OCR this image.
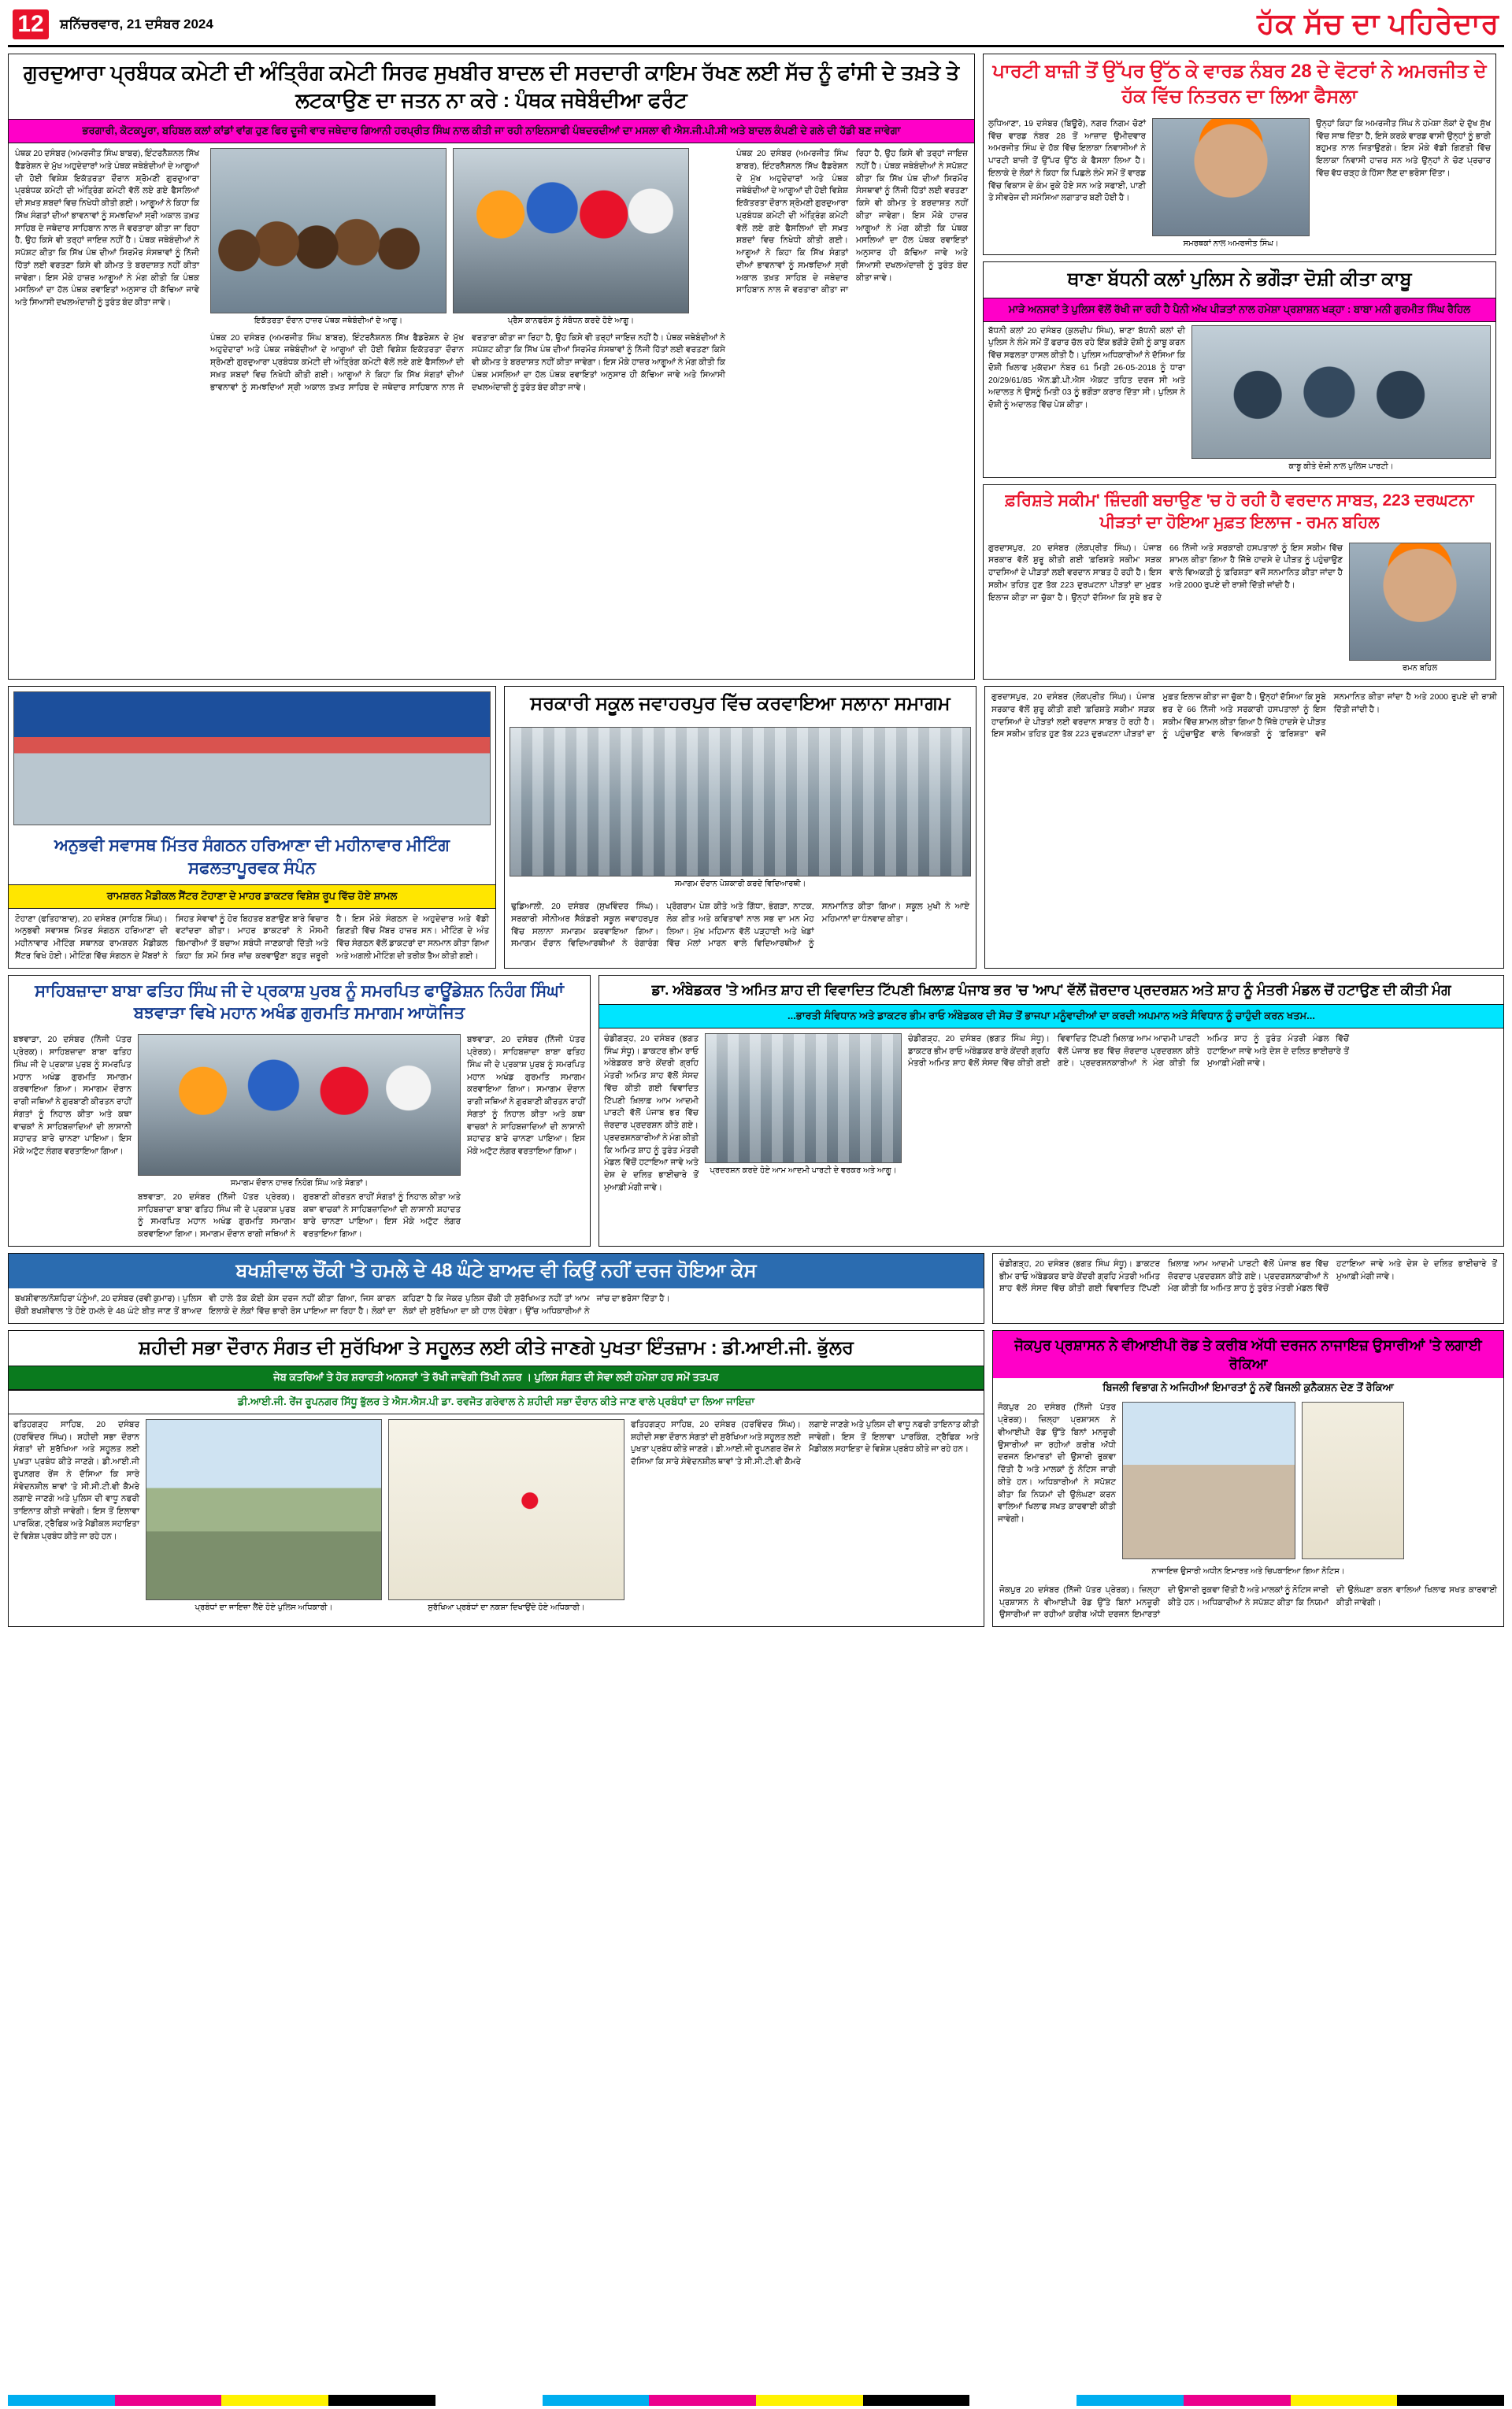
12	ਸ਼ਨਿੱਚਰਵਾਰ, 21 ਦਸੰਬਰ 2024	ਹੱਕ ਸੱਚ ਦਾ ਪਹਿਰੇਦਾਰ
ਗੁਰਦੁਆਰਾ ਪ੍ਰਬੰਧਕ ਕਮੇਟੀ ਦੀ ਅੰਤ੍ਰਿੰਗ ਕਮੇਟੀ ਸਿਰਫ ਸੁਖਬੀਰ ਬਾਦਲ ਦੀ ਸਰਦਾਰੀ ਕਾਇਮ ਰੱਖਣ ਲਈ ਸੱਚ ਨੂੰ ਫਾਂਸੀ ਦੇ ਤਖ਼ਤੇ ਤੇ ਲਟਕਾਉਣ ਦਾ ਜਤਨ ਨਾ ਕਰੇ : ਪੰਥਕ ਜਥੇਬੰਦੀਆ ਫਰੰਟ
ਭਰਗਾਰੀ, ਕੋਟਕਪੂਰਾ, ਬਹਿਬਲ ਕਲਾਂ ਕਾਂਡਾਂ ਵਾਂਗ ਹੁਣ ਫਿਰ ਦੂਜੀ ਵਾਰ ਜਥੇਦਾਰ ਗਿਆਨੀ ਹਰਪ੍ਰੀਤ ਸਿੰਘ ਨਾਲ ਕੀਤੀ ਜਾ ਰਹੀ ਨਾਇਨਸਾਫੀ ਪੰਥਦਰਦੀਆਂ ਦਾ ਮਸਲਾ ਵੀ ਐਸ.ਜੀ.ਪੀ.ਸੀ ਅਤੇ ਬਾਦਲ ਕੰਪਣੀ ਦੇ ਗਲੇ ਦੀ ਹੱਡੀ ਬਣ ਜਾਵੇਗਾ
ਪੰਥਕ 20 ਦਸੰਬਰ (ਅਮਰਜੀਤ ਸਿੰਘ ਬਾਬਰ), ਇੰਟਰਨੈਸ਼ਨਲ ਸਿੱਖ ਫੈਡਰੇਸ਼ਨ ਦੇ ਮੁੱਖ ਅਹੁਦੇਦਾਰਾਂ ਅਤੇ ਪੰਥਕ ਜਥੇਬੰਦੀਆਂ ਦੇ ਆਗੂਆਂ ਦੀ ਹੋਈ ਵਿਸ਼ੇਸ਼ ਇਕੱਤਰਤਾ ਦੌਰਾਨ ਸ਼੍ਰੋਮਣੀ ਗੁਰਦੁਆਰਾ ਪ੍ਰਬੰਧਕ ਕਮੇਟੀ ਦੀ ਅੰਤ੍ਰਿੰਗ ਕਮੇਟੀ ਵੱਲੋਂ ਲਏ ਗਏ ਫੈਸਲਿਆਂ ਦੀ ਸਖ਼ਤ ਸ਼ਬਦਾਂ ਵਿਚ ਨਿਖੇਧੀ ਕੀਤੀ ਗਈ। ਆਗੂਆਂ ਨੇ ਕਿਹਾ ਕਿ ਸਿੱਖ ਸੰਗਤਾਂ ਦੀਆਂ ਭਾਵਨਾਵਾਂ ਨੂੰ ਸਮਝਦਿਆਂ ਸ੍ਰੀ ਅਕਾਲ ਤਖ਼ਤ ਸਾਹਿਬ ਦੇ ਜਥੇਦਾਰ ਸਾਹਿਬਾਨ ਨਾਲ ਜੋ ਵਰਤਾਰਾ ਕੀਤਾ ਜਾ ਰਿਹਾ ਹੈ, ਉਹ ਕਿਸੇ ਵੀ ਤਰ੍ਹਾਂ ਜਾਇਜ਼ ਨਹੀਂ ਹੈ। ਪੰਥਕ ਜਥੇਬੰਦੀਆਂ ਨੇ ਸਪੱਸ਼ਟ ਕੀਤਾ ਕਿ ਸਿੱਖ ਪੰਥ ਦੀਆਂ ਸਿਰਮੌਰ ਸੰਸਥਾਵਾਂ ਨੂੰ ਨਿੱਜੀ ਹਿੱਤਾਂ ਲਈ ਵਰਤਣਾ ਕਿਸੇ ਵੀ ਕੀਮਤ ਤੇ ਬਰਦਾਸ਼ਤ ਨਹੀਂ ਕੀਤਾ ਜਾਵੇਗਾ। ਇਸ ਮੌਕੇ ਹਾਜ਼ਰ ਆਗੂਆਂ ਨੇ ਮੰਗ ਕੀਤੀ ਕਿ ਪੰਥਕ ਮਸਲਿਆਂ ਦਾ ਹੱਲ ਪੰਥਕ ਰਵਾਇਤਾਂ ਅਨੁਸਾਰ ਹੀ ਕੱਢਿਆ ਜਾਵੇ ਅਤੇ ਸਿਆਸੀ ਦਖਲਅੰਦਾਜ਼ੀ ਨੂੰ ਤੁਰੰਤ ਬੰਦ ਕੀਤਾ ਜਾਵੇ।
ਇਕੱਤਰਤਾ ਦੌਰਾਨ ਹਾਜ਼ਰ ਪੰਥਕ ਜਥੇਬੰਦੀਆਂ ਦੇ ਆਗੂ।	ਪ੍ਰੈਸ ਕਾਨਫਰੰਸ ਨੂੰ ਸੰਬੋਧਨ ਕਰਦੇ ਹੋਏ ਆਗੂ।
ਪੰਥਕ 20 ਦਸੰਬਰ (ਅਮਰਜੀਤ ਸਿੰਘ ਬਾਬਰ), ਇੰਟਰਨੈਸ਼ਨਲ ਸਿੱਖ ਫੈਡਰੇਸ਼ਨ ਦੇ ਮੁੱਖ ਅਹੁਦੇਦਾਰਾਂ ਅਤੇ ਪੰਥਕ ਜਥੇਬੰਦੀਆਂ ਦੇ ਆਗੂਆਂ ਦੀ ਹੋਈ ਵਿਸ਼ੇਸ਼ ਇਕੱਤਰਤਾ ਦੌਰਾਨ ਸ਼੍ਰੋਮਣੀ ਗੁਰਦੁਆਰਾ ਪ੍ਰਬੰਧਕ ਕਮੇਟੀ ਦੀ ਅੰਤ੍ਰਿੰਗ ਕਮੇਟੀ ਵੱਲੋਂ ਲਏ ਗਏ ਫੈਸਲਿਆਂ ਦੀ ਸਖ਼ਤ ਸ਼ਬਦਾਂ ਵਿਚ ਨਿਖੇਧੀ ਕੀਤੀ ਗਈ। ਆਗੂਆਂ ਨੇ ਕਿਹਾ ਕਿ ਸਿੱਖ ਸੰਗਤਾਂ ਦੀਆਂ ਭਾਵਨਾਵਾਂ ਨੂੰ ਸਮਝਦਿਆਂ ਸ੍ਰੀ ਅਕਾਲ ਤਖ਼ਤ ਸਾਹਿਬ ਦੇ ਜਥੇਦਾਰ ਸਾਹਿਬਾਨ ਨਾਲ ਜੋ ਵਰਤਾਰਾ ਕੀਤਾ ਜਾ ਰਿਹਾ ਹੈ, ਉਹ ਕਿਸੇ ਵੀ ਤਰ੍ਹਾਂ ਜਾਇਜ਼ ਨਹੀਂ ਹੈ। ਪੰਥਕ ਜਥੇਬੰਦੀਆਂ ਨੇ ਸਪੱਸ਼ਟ ਕੀਤਾ ਕਿ ਸਿੱਖ ਪੰਥ ਦੀਆਂ ਸਿਰਮੌਰ ਸੰਸਥਾਵਾਂ ਨੂੰ ਨਿੱਜੀ ਹਿੱਤਾਂ ਲਈ ਵਰਤਣਾ ਕਿਸੇ ਵੀ ਕੀਮਤ ਤੇ ਬਰਦਾਸ਼ਤ ਨਹੀਂ ਕੀਤਾ ਜਾਵੇਗਾ। ਇਸ ਮੌਕੇ ਹਾਜ਼ਰ ਆਗੂਆਂ ਨੇ ਮੰਗ ਕੀਤੀ ਕਿ ਪੰਥਕ ਮਸਲਿਆਂ ਦਾ ਹੱਲ ਪੰਥਕ ਰਵਾਇਤਾਂ ਅਨੁਸਾਰ ਹੀ ਕੱਢਿਆ ਜਾਵੇ ਅਤੇ ਸਿਆਸੀ ਦਖਲਅੰਦਾਜ਼ੀ ਨੂੰ ਤੁਰੰਤ ਬੰਦ ਕੀਤਾ ਜਾਵੇ।
ਪੰਥਕ 20 ਦਸੰਬਰ (ਅਮਰਜੀਤ ਸਿੰਘ ਬਾਬਰ), ਇੰਟਰਨੈਸ਼ਨਲ ਸਿੱਖ ਫੈਡਰੇਸ਼ਨ ਦੇ ਮੁੱਖ ਅਹੁਦੇਦਾਰਾਂ ਅਤੇ ਪੰਥਕ ਜਥੇਬੰਦੀਆਂ ਦੇ ਆਗੂਆਂ ਦੀ ਹੋਈ ਵਿਸ਼ੇਸ਼ ਇਕੱਤਰਤਾ ਦੌਰਾਨ ਸ਼੍ਰੋਮਣੀ ਗੁਰਦੁਆਰਾ ਪ੍ਰਬੰਧਕ ਕਮੇਟੀ ਦੀ ਅੰਤ੍ਰਿੰਗ ਕਮੇਟੀ ਵੱਲੋਂ ਲਏ ਗਏ ਫੈਸਲਿਆਂ ਦੀ ਸਖ਼ਤ ਸ਼ਬਦਾਂ ਵਿਚ ਨਿਖੇਧੀ ਕੀਤੀ ਗਈ। ਆਗੂਆਂ ਨੇ ਕਿਹਾ ਕਿ ਸਿੱਖ ਸੰਗਤਾਂ ਦੀਆਂ ਭਾਵਨਾਵਾਂ ਨੂੰ ਸਮਝਦਿਆਂ ਸ੍ਰੀ ਅਕਾਲ ਤਖ਼ਤ ਸਾਹਿਬ ਦੇ ਜਥੇਦਾਰ ਸਾਹਿਬਾਨ ਨਾਲ ਜੋ ਵਰਤਾਰਾ ਕੀਤਾ ਜਾ ਰਿਹਾ ਹੈ, ਉਹ ਕਿਸੇ ਵੀ ਤਰ੍ਹਾਂ ਜਾਇਜ਼ ਨਹੀਂ ਹੈ। ਪੰਥਕ ਜਥੇਬੰਦੀਆਂ ਨੇ ਸਪੱਸ਼ਟ ਕੀਤਾ ਕਿ ਸਿੱਖ ਪੰਥ ਦੀਆਂ ਸਿਰਮੌਰ ਸੰਸਥਾਵਾਂ ਨੂੰ ਨਿੱਜੀ ਹਿੱਤਾਂ ਲਈ ਵਰਤਣਾ ਕਿਸੇ ਵੀ ਕੀਮਤ ਤੇ ਬਰਦਾਸ਼ਤ ਨਹੀਂ ਕੀਤਾ ਜਾਵੇਗਾ। ਇਸ ਮੌਕੇ ਹਾਜ਼ਰ ਆਗੂਆਂ ਨੇ ਮੰਗ ਕੀਤੀ ਕਿ ਪੰਥਕ ਮਸਲਿਆਂ ਦਾ ਹੱਲ ਪੰਥਕ ਰਵਾਇਤਾਂ ਅਨੁਸਾਰ ਹੀ ਕੱਢਿਆ ਜਾਵੇ ਅਤੇ ਸਿਆਸੀ ਦਖਲਅੰਦਾਜ਼ੀ ਨੂੰ ਤੁਰੰਤ ਬੰਦ ਕੀਤਾ ਜਾਵੇ।
ਪਾਰਟੀ ਬਾਜ਼ੀ ਤੋਂ ਉੱਪਰ ਉੱਠ ਕੇ ਵਾਰਡ ਨੰਬਰ 28 ਦੇ ਵੋਟਰਾਂ ਨੇ ਅਮਰਜੀਤ ਦੇ ਹੱਕ ਵਿੱਚ ਨਿਤਰਨ ਦਾ ਲਿਆ ਫੈਸਲਾ
ਲੁਧਿਆਣਾ, 19 ਦਸੰਬਰ (ਬਿਊਰੋ), ਨਗਰ ਨਿਗਮ ਚੋਣਾਂ ਵਿੱਚ ਵਾਰਡ ਨੰਬਰ 28 ਤੋਂ ਆਜ਼ਾਦ ਉਮੀਦਵਾਰ ਅਮਰਜੀਤ ਸਿੰਘ ਦੇ ਹੱਕ ਵਿੱਚ ਇਲਾਕਾ ਨਿਵਾਸੀਆਂ ਨੇ ਪਾਰਟੀ ਬਾਜ਼ੀ ਤੋਂ ਉੱਪਰ ਉੱਠ ਕੇ ਫੈਸਲਾ ਲਿਆ ਹੈ। ਇਲਾਕੇ ਦੇ ਲੋਕਾਂ ਨੇ ਕਿਹਾ ਕਿ ਪਿਛਲੇ ਲੰਮੇ ਸਮੇਂ ਤੋਂ ਵਾਰਡ ਵਿੱਚ ਵਿਕਾਸ ਦੇ ਕੰਮ ਰੁਕੇ ਹੋਏ ਸਨ ਅਤੇ ਸਫਾਈ, ਪਾਣੀ ਤੇ ਸੀਵਰੇਜ ਦੀ ਸਮੱਸਿਆ ਲਗਾਤਾਰ ਬਣੀ ਹੋਈ ਹੈ।
ਸਮਰਥਕਾਂ ਨਾਲ ਅਮਰਜੀਤ ਸਿੰਘ।
ਉਨ੍ਹਾਂ ਕਿਹਾ ਕਿ ਅਮਰਜੀਤ ਸਿੰਘ ਨੇ ਹਮੇਸ਼ਾ ਲੋਕਾਂ ਦੇ ਦੁੱਖ ਸੁੱਖ ਵਿੱਚ ਸਾਥ ਦਿੱਤਾ ਹੈ, ਇਸੇ ਕਰਕੇ ਵਾਰਡ ਵਾਸੀ ਉਨ੍ਹਾਂ ਨੂੰ ਭਾਰੀ ਬਹੁਮਤ ਨਾਲ ਜਿਤਾਉਣਗੇ। ਇਸ ਮੌਕੇ ਵੱਡੀ ਗਿਣਤੀ ਵਿੱਚ ਇਲਾਕਾ ਨਿਵਾਸੀ ਹਾਜ਼ਰ ਸਨ ਅਤੇ ਉਨ੍ਹਾਂ ਨੇ ਚੋਣ ਪ੍ਰਚਾਰ ਵਿੱਚ ਵੱਧ ਚੜ੍ਹ ਕੇ ਹਿੱਸਾ ਲੈਣ ਦਾ ਭਰੋਸਾ ਦਿੱਤਾ।
ਥਾਣਾ ਬੱਧਨੀ ਕਲਾਂ ਪੁਲਿਸ ਨੇ ਭਗੌੜਾ ਦੋਸ਼ੀ ਕੀਤਾ ਕਾਬੂ
ਮਾੜੇ ਅਨਸਰਾਂ ਤੇ ਪੁਲਿਸ ਵੱਲੋਂ ਰੱਖੀ ਜਾ ਰਹੀ ਹੈ ਪੈਨੀ ਅੱਖ ਪੀੜਤਾਂ ਨਾਲ ਹਮੇਸ਼ਾ ਪ੍ਰਸ਼ਾਸ਼ਨ ਖੜ੍ਹਾ : ਬਾਬਾ ਮਨੀ ਗੁਰਮੀਤ ਸਿੰਘ ਰੈਹਿਲ
ਬੱਧਨੀ ਕਲਾਂ 20 ਦਸੰਬਰ (ਕੁਲਦੀਪ ਸਿੰਘ), ਥਾਣਾ ਬੱਧਨੀ ਕਲਾਂ ਦੀ ਪੁਲਿਸ ਨੇ ਲੰਮੇ ਸਮੇਂ ਤੋਂ ਫਰਾਰ ਚੱਲ ਰਹੇ ਇੱਕ ਭਗੌੜੇ ਦੋਸ਼ੀ ਨੂੰ ਕਾਬੂ ਕਰਨ ਵਿੱਚ ਸਫਲਤਾ ਹਾਸਲ ਕੀਤੀ ਹੈ। ਪੁਲਿਸ ਅਧਿਕਾਰੀਆਂ ਨੇ ਦੱਸਿਆ ਕਿ ਦੋਸ਼ੀ ਖਿਲਾਫ ਮੁਕੱਦਮਾ ਨੰਬਰ 61 ਮਿਤੀ 26-05-2018 ਨੂੰ ਧਾਰਾ 20/29/61/85 ਐਨ.ਡੀ.ਪੀ.ਐਸ ਐਕਟ ਤਹਿਤ ਦਰਜ ਸੀ ਅਤੇ ਅਦਾਲਤ ਨੇ ਉਸਨੂੰ ਮਿਤੀ 03 ਨੂੰ ਭਗੌੜਾ ਕਰਾਰ ਦਿੱਤਾ ਸੀ। ਪੁਲਿਸ ਨੇ ਦੋਸ਼ੀ ਨੂੰ ਅਦਾਲਤ ਵਿੱਚ ਪੇਸ਼ ਕੀਤਾ।
ਕਾਬੂ ਕੀਤੇ ਦੋਸ਼ੀ ਨਾਲ ਪੁਲਿਸ ਪਾਰਟੀ।
ਫ਼ਰਿਸ਼ਤੇ ਸਕੀਮ' ਜ਼ਿੰਦਗੀ ਬਚਾਉਣ 'ਚ ਹੋ ਰਹੀ ਹੈ ਵਰਦਾਨ ਸਾਬਤ, 223 ਦਰਘਟਨਾ ਪੀੜਤਾਂ ਦਾ ਹੋਇਆ ਮੁਫ਼ਤ ਇਲਾਜ - ਰਮਨ ਬਹਿਲ
ਗੁਰਦਾਸਪੁਰ, 20 ਦਸੰਬਰ (ਲੋਕਪ੍ਰੀਤ ਸਿੰਘ)। ਪੰਜਾਬ ਸਰਕਾਰ ਵੱਲੋਂ ਸ਼ੁਰੂ ਕੀਤੀ ਗਈ 'ਫ਼ਰਿਸ਼ਤੇ ਸਕੀਮ' ਸੜਕ ਹਾਦਸਿਆਂ ਦੇ ਪੀੜਤਾਂ ਲਈ ਵਰਦਾਨ ਸਾਬਤ ਹੋ ਰਹੀ ਹੈ। ਇਸ ਸਕੀਮ ਤਹਿਤ ਹੁਣ ਤੱਕ 223 ਦੁਰਘਟਨਾ ਪੀੜਤਾਂ ਦਾ ਮੁਫ਼ਤ ਇਲਾਜ ਕੀਤਾ ਜਾ ਚੁੱਕਾ ਹੈ। ਉਨ੍ਹਾਂ ਦੱਸਿਆ ਕਿ ਸੂਬੇ ਭਰ ਦੇ 66 ਨਿੱਜੀ ਅਤੇ ਸਰਕਾਰੀ ਹਸਪਤਾਲਾਂ ਨੂੰ ਇਸ ਸਕੀਮ ਵਿੱਚ ਸ਼ਾਮਲ ਕੀਤਾ ਗਿਆ ਹੈ ਜਿੱਥੇ ਹਾਦਸੇ ਦੇ ਪੀੜਤ ਨੂੰ ਪਹੁੰਚਾਉਣ ਵਾਲੇ ਵਿਅਕਤੀ ਨੂੰ 'ਫ਼ਰਿਸ਼ਤਾ' ਵਜੋਂ ਸਨਮਾਨਿਤ ਕੀਤਾ ਜਾਂਦਾ ਹੈ ਅਤੇ 2000 ਰੁਪਏ ਦੀ ਰਾਸ਼ੀ ਦਿੱਤੀ ਜਾਂਦੀ ਹੈ।
ਰਮਨ ਬਹਿਲ
ਅਨੁਭਵੀ ਸਵਾਸਥ ਮਿੱਤਰ ਸੰਗਠਨ ਹਰਿਆਣਾ ਦੀ ਮਹੀਨਾਵਾਰ ਮੀਟਿੰਗ ਸਫਲਤਾਪੂਰਵਕ ਸੰਪੰਨ
ਰਾਮਸ਼ਰਨ ਮੈਡੀਕਲ ਸੈਂਟਰ ਟੋਹਾਣਾ ਦੇ ਮਾਹਰ ਡਾਕਟਰ ਵਿਸ਼ੇਸ਼ ਰੂਪ ਵਿੱਚ ਹੋਏ ਸ਼ਾਮਲ
ਟੋਹਾਣਾ (ਫਤਿਹਾਬਾਦ), 20 ਦਸੰਬਰ (ਸਾਹਿਬ ਸਿੰਘ)। ਅਨੁਭਵੀ ਸਵਾਸਥ ਮਿੱਤਰ ਸੰਗਠਨ ਹਰਿਆਣਾ ਦੀ ਮਹੀਨਾਵਾਰ ਮੀਟਿੰਗ ਸਥਾਨਕ ਰਾਮਸ਼ਰਨ ਮੈਡੀਕਲ ਸੈਂਟਰ ਵਿਖੇ ਹੋਈ। ਮੀਟਿੰਗ ਵਿੱਚ ਸੰਗਠਨ ਦੇ ਮੈਂਬਰਾਂ ਨੇ ਸਿਹਤ ਸੇਵਾਵਾਂ ਨੂੰ ਹੋਰ ਬਿਹਤਰ ਬਣਾਉਣ ਬਾਰੇ ਵਿਚਾਰ ਵਟਾਂਦਰਾ ਕੀਤਾ। ਮਾਹਰ ਡਾਕਟਰਾਂ ਨੇ ਮੌਸਮੀ ਬਿਮਾਰੀਆਂ ਤੋਂ ਬਚਾਅ ਸਬੰਧੀ ਜਾਣਕਾਰੀ ਦਿੱਤੀ ਅਤੇ ਕਿਹਾ ਕਿ ਸਮੇਂ ਸਿਰ ਜਾਂਚ ਕਰਵਾਉਣਾ ਬਹੁਤ ਜ਼ਰੂਰੀ ਹੈ। ਇਸ ਮੌਕੇ ਸੰਗਠਨ ਦੇ ਅਹੁਦੇਦਾਰ ਅਤੇ ਵੱਡੀ ਗਿਣਤੀ ਵਿੱਚ ਮੈਂਬਰ ਹਾਜ਼ਰ ਸਨ। ਮੀਟਿੰਗ ਦੇ ਅੰਤ ਵਿੱਚ ਸੰਗਠਨ ਵੱਲੋਂ ਡਾਕਟਰਾਂ ਦਾ ਸਨਮਾਨ ਕੀਤਾ ਗਿਆ ਅਤੇ ਅਗਲੀ ਮੀਟਿੰਗ ਦੀ ਤਰੀਕ ਤੈਅ ਕੀਤੀ ਗਈ।
ਸਰਕਾਰੀ ਸਕੂਲ ਜਵਾਹਰਪੁਰ ਵਿੱਚ ਕਰਵਾਇਆ ਸਲਾਨਾ ਸਮਾਗਮ
ਸਮਾਗਮ ਦੌਰਾਨ ਪੇਸ਼ਕਾਰੀ ਕਰਦੇ ਵਿਦਿਆਰਥੀ।
ਢੁਡਿਆਲੀ, 20 ਦਸੰਬਰ (ਸੁਖਵਿੰਦਰ ਸਿੰਘ)। ਸਰਕਾਰੀ ਸੀਨੀਅਰ ਸੈਕੰਡਰੀ ਸਕੂਲ ਜਵਾਹਰਪੁਰ ਵਿੱਚ ਸਲਾਨਾ ਸਮਾਗਮ ਕਰਵਾਇਆ ਗਿਆ। ਸਮਾਗਮ ਦੌਰਾਨ ਵਿਦਿਆਰਥੀਆਂ ਨੇ ਰੰਗਾਰੰਗ ਪ੍ਰੋਗਰਾਮ ਪੇਸ਼ ਕੀਤੇ ਅਤੇ ਗਿੱਧਾ, ਭੰਗੜਾ, ਨਾਟਕ, ਲੋਕ ਗੀਤ ਅਤੇ ਕਵਿਤਾਵਾਂ ਨਾਲ ਸਭ ਦਾ ਮਨ ਮੋਹ ਲਿਆ। ਮੁੱਖ ਮਹਿਮਾਨ ਵੱਲੋਂ ਪੜ੍ਹਾਈ ਅਤੇ ਖੇਡਾਂ ਵਿੱਚ ਮੱਲਾਂ ਮਾਰਨ ਵਾਲੇ ਵਿਦਿਆਰਥੀਆਂ ਨੂੰ ਸਨਮਾਨਿਤ ਕੀਤਾ ਗਿਆ। ਸਕੂਲ ਮੁਖੀ ਨੇ ਆਏ ਮਹਿਮਾਨਾਂ ਦਾ ਧੰਨਵਾਦ ਕੀਤਾ।
ਗੁਰਦਾਸਪੁਰ, 20 ਦਸੰਬਰ (ਲੋਕਪ੍ਰੀਤ ਸਿੰਘ)। ਪੰਜਾਬ ਸਰਕਾਰ ਵੱਲੋਂ ਸ਼ੁਰੂ ਕੀਤੀ ਗਈ 'ਫ਼ਰਿਸ਼ਤੇ ਸਕੀਮ' ਸੜਕ ਹਾਦਸਿਆਂ ਦੇ ਪੀੜਤਾਂ ਲਈ ਵਰਦਾਨ ਸਾਬਤ ਹੋ ਰਹੀ ਹੈ। ਇਸ ਸਕੀਮ ਤਹਿਤ ਹੁਣ ਤੱਕ 223 ਦੁਰਘਟਨਾ ਪੀੜਤਾਂ ਦਾ ਮੁਫ਼ਤ ਇਲਾਜ ਕੀਤਾ ਜਾ ਚੁੱਕਾ ਹੈ। ਉਨ੍ਹਾਂ ਦੱਸਿਆ ਕਿ ਸੂਬੇ ਭਰ ਦੇ 66 ਨਿੱਜੀ ਅਤੇ ਸਰਕਾਰੀ ਹਸਪਤਾਲਾਂ ਨੂੰ ਇਸ ਸਕੀਮ ਵਿੱਚ ਸ਼ਾਮਲ ਕੀਤਾ ਗਿਆ ਹੈ ਜਿੱਥੇ ਹਾਦਸੇ ਦੇ ਪੀੜਤ ਨੂੰ ਪਹੁੰਚਾਉਣ ਵਾਲੇ ਵਿਅਕਤੀ ਨੂੰ 'ਫ਼ਰਿਸ਼ਤਾ' ਵਜੋਂ ਸਨਮਾਨਿਤ ਕੀਤਾ ਜਾਂਦਾ ਹੈ ਅਤੇ 2000 ਰੁਪਏ ਦੀ ਰਾਸ਼ੀ ਦਿੱਤੀ ਜਾਂਦੀ ਹੈ।
ਸਾਹਿਬਜ਼ਾਦਾ ਬਾਬਾ ਫਤਿਹ ਸਿੰਘ ਜੀ ਦੇ ਪ੍ਰਕਾਸ਼ ਪੁਰਬ ਨੂੰ ਸਮਰਪਿਤ ਫਾਊਂਡੇਸ਼ਨ ਨਿਹੰਗ ਸਿੰਘਾਂ ਬਝਵਾੜਾ ਵਿਖੇ ਮਹਾਨ ਅਖੰਡ ਗੁਰਮਤਿ ਸਮਾਗਮ ਆਯੋਜਿਤ
ਬਝਵਾੜਾ, 20 ਦਸੰਬਰ (ਨਿੱਜੀ ਪੱਤਰ ਪ੍ਰੇਰਕ)। ਸਾਹਿਬਜ਼ਾਦਾ ਬਾਬਾ ਫਤਿਹ ਸਿੰਘ ਜੀ ਦੇ ਪ੍ਰਕਾਸ਼ ਪੁਰਬ ਨੂੰ ਸਮਰਪਿਤ ਮਹਾਨ ਅਖੰਡ ਗੁਰਮਤਿ ਸਮਾਗਮ ਕਰਵਾਇਆ ਗਿਆ। ਸਮਾਗਮ ਦੌਰਾਨ ਰਾਗੀ ਜਥਿਆਂ ਨੇ ਗੁਰਬਾਣੀ ਕੀਰਤਨ ਰਾਹੀਂ ਸੰਗਤਾਂ ਨੂੰ ਨਿਹਾਲ ਕੀਤਾ ਅਤੇ ਕਥਾ ਵਾਚਕਾਂ ਨੇ ਸਾਹਿਬਜ਼ਾਦਿਆਂ ਦੀ ਲਾਸਾਨੀ ਸ਼ਹਾਦਤ ਬਾਰੇ ਚਾਨਣਾ ਪਾਇਆ। ਇਸ ਮੌਕੇ ਅਟੁੱਟ ਲੰਗਰ ਵਰਤਾਇਆ ਗਿਆ।
ਸਮਾਗਮ ਦੌਰਾਨ ਹਾਜ਼ਰ ਨਿਹੰਗ ਸਿੰਘ ਅਤੇ ਸੰਗਤਾਂ।
ਬਝਵਾੜਾ, 20 ਦਸੰਬਰ (ਨਿੱਜੀ ਪੱਤਰ ਪ੍ਰੇਰਕ)। ਸਾਹਿਬਜ਼ਾਦਾ ਬਾਬਾ ਫਤਿਹ ਸਿੰਘ ਜੀ ਦੇ ਪ੍ਰਕਾਸ਼ ਪੁਰਬ ਨੂੰ ਸਮਰਪਿਤ ਮਹਾਨ ਅਖੰਡ ਗੁਰਮਤਿ ਸਮਾਗਮ ਕਰਵਾਇਆ ਗਿਆ। ਸਮਾਗਮ ਦੌਰਾਨ ਰਾਗੀ ਜਥਿਆਂ ਨੇ ਗੁਰਬਾਣੀ ਕੀਰਤਨ ਰਾਹੀਂ ਸੰਗਤਾਂ ਨੂੰ ਨਿਹਾਲ ਕੀਤਾ ਅਤੇ ਕਥਾ ਵਾਚਕਾਂ ਨੇ ਸਾਹਿਬਜ਼ਾਦਿਆਂ ਦੀ ਲਾਸਾਨੀ ਸ਼ਹਾਦਤ ਬਾਰੇ ਚਾਨਣਾ ਪਾਇਆ। ਇਸ ਮੌਕੇ ਅਟੁੱਟ ਲੰਗਰ ਵਰਤਾਇਆ ਗਿਆ।
ਬਝਵਾੜਾ, 20 ਦਸੰਬਰ (ਨਿੱਜੀ ਪੱਤਰ ਪ੍ਰੇਰਕ)। ਸਾਹਿਬਜ਼ਾਦਾ ਬਾਬਾ ਫਤਿਹ ਸਿੰਘ ਜੀ ਦੇ ਪ੍ਰਕਾਸ਼ ਪੁਰਬ ਨੂੰ ਸਮਰਪਿਤ ਮਹਾਨ ਅਖੰਡ ਗੁਰਮਤਿ ਸਮਾਗਮ ਕਰਵਾਇਆ ਗਿਆ। ਸਮਾਗਮ ਦੌਰਾਨ ਰਾਗੀ ਜਥਿਆਂ ਨੇ ਗੁਰਬਾਣੀ ਕੀਰਤਨ ਰਾਹੀਂ ਸੰਗਤਾਂ ਨੂੰ ਨਿਹਾਲ ਕੀਤਾ ਅਤੇ ਕਥਾ ਵਾਚਕਾਂ ਨੇ ਸਾਹਿਬਜ਼ਾਦਿਆਂ ਦੀ ਲਾਸਾਨੀ ਸ਼ਹਾਦਤ ਬਾਰੇ ਚਾਨਣਾ ਪਾਇਆ। ਇਸ ਮੌਕੇ ਅਟੁੱਟ ਲੰਗਰ ਵਰਤਾਇਆ ਗਿਆ।
ਡਾ. ਅੰਬੇਡਕਰ 'ਤੇ ਅਮਿਤ ਸ਼ਾਹ ਦੀ ਵਿਵਾਦਿਤ ਟਿੱਪਣੀ ਖ਼ਿਲਾਫ਼ ਪੰਜਾਬ ਭਰ 'ਚ 'ਆਪ' ਵੱਲੋਂ ਜ਼ੋਰਦਾਰ ਪ੍ਰਦਰਸ਼ਨ ਅਤੇ ਸ਼ਾਹ ਨੂੰ ਮੰਤਰੀ ਮੰਡਲ ਚੋਂ ਹਟਾਉਣ ਦੀ ਕੀਤੀ ਮੰਗ
...ਭਾਰਤੀ ਸੰਵਿਧਾਨ ਅਤੇ ਡਾਕਟਰ ਭੀਮ ਰਾਓ ਅੰਬੇਡਕਰ ਦੀ ਸੋਚ ਤੋਂ ਭਾਜਪਾ ਮਨੂੰਵਾਦੀਆਂ ਦਾ ਕਰਦੀ ਅਪਮਾਨ ਅਤੇ ਸੰਵਿਧਾਨ ਨੂੰ ਚਾਹੁੰਦੀ ਕਰਨ ਖਤਮ...
ਚੰਡੀਗੜ੍ਹ, 20 ਦਸੰਬਰ (ਭਗਤ ਸਿੰਘ ਸੰਧੂ)। ਡਾਕਟਰ ਭੀਮ ਰਾਓ ਅੰਬੇਡਕਰ ਬਾਰੇ ਕੇਂਦਰੀ ਗ੍ਰਹਿ ਮੰਤਰੀ ਅਮਿਤ ਸ਼ਾਹ ਵੱਲੋਂ ਸੰਸਦ ਵਿੱਚ ਕੀਤੀ ਗਈ ਵਿਵਾਦਿਤ ਟਿੱਪਣੀ ਖ਼ਿਲਾਫ਼ ਆਮ ਆਦਮੀ ਪਾਰਟੀ ਵੱਲੋਂ ਪੰਜਾਬ ਭਰ ਵਿੱਚ ਜ਼ੋਰਦਾਰ ਪ੍ਰਦਰਸ਼ਨ ਕੀਤੇ ਗਏ। ਪ੍ਰਦਰਸ਼ਨਕਾਰੀਆਂ ਨੇ ਮੰਗ ਕੀਤੀ ਕਿ ਅਮਿਤ ਸ਼ਾਹ ਨੂੰ ਤੁਰੰਤ ਮੰਤਰੀ ਮੰਡਲ ਵਿੱਚੋਂ ਹਟਾਇਆ ਜਾਵੇ ਅਤੇ ਦੇਸ਼ ਦੇ ਦਲਿਤ ਭਾਈਚਾਰੇ ਤੋਂ ਮੁਆਫ਼ੀ ਮੰਗੀ ਜਾਵੇ।
ਪ੍ਰਦਰਸ਼ਨ ਕਰਦੇ ਹੋਏ ਆਮ ਆਦਮੀ ਪਾਰਟੀ ਦੇ ਵਰਕਰ ਅਤੇ ਆਗੂ।
ਚੰਡੀਗੜ੍ਹ, 20 ਦਸੰਬਰ (ਭਗਤ ਸਿੰਘ ਸੰਧੂ)। ਡਾਕਟਰ ਭੀਮ ਰਾਓ ਅੰਬੇਡਕਰ ਬਾਰੇ ਕੇਂਦਰੀ ਗ੍ਰਹਿ ਮੰਤਰੀ ਅਮਿਤ ਸ਼ਾਹ ਵੱਲੋਂ ਸੰਸਦ ਵਿੱਚ ਕੀਤੀ ਗਈ ਵਿਵਾਦਿਤ ਟਿੱਪਣੀ ਖ਼ਿਲਾਫ਼ ਆਮ ਆਦਮੀ ਪਾਰਟੀ ਵੱਲੋਂ ਪੰਜਾਬ ਭਰ ਵਿੱਚ ਜ਼ੋਰਦਾਰ ਪ੍ਰਦਰਸ਼ਨ ਕੀਤੇ ਗਏ। ਪ੍ਰਦਰਸ਼ਨਕਾਰੀਆਂ ਨੇ ਮੰਗ ਕੀਤੀ ਕਿ ਅਮਿਤ ਸ਼ਾਹ ਨੂੰ ਤੁਰੰਤ ਮੰਤਰੀ ਮੰਡਲ ਵਿੱਚੋਂ ਹਟਾਇਆ ਜਾਵੇ ਅਤੇ ਦੇਸ਼ ਦੇ ਦਲਿਤ ਭਾਈਚਾਰੇ ਤੋਂ ਮੁਆਫ਼ੀ ਮੰਗੀ ਜਾਵੇ।
ਬਖਸ਼ੀਵਾਲ ਚੌਂਕੀ 'ਤੇ ਹਮਲੇ ਦੇ 48 ਘੰਟੇ ਬਾਅਦ ਵੀ ਕਿਉਂ ਨਹੀਂ ਦਰਜ ਹੋਇਆ ਕੇਸ
ਬਖਸ਼ੀਵਾਲ/ਨੋਸ਼ਹਿਰਾ ਪੰਨੂੰਆਂ, 20 ਦਸੰਬਰ (ਰਵੀ ਕੁਮਾਰ)। ਪੁਲਿਸ ਚੌਂਕੀ ਬਖਸ਼ੀਵਾਲ 'ਤੇ ਹੋਏ ਹਮਲੇ ਦੇ 48 ਘੰਟੇ ਬੀਤ ਜਾਣ ਤੋਂ ਬਾਅਦ ਵੀ ਹਾਲੇ ਤੱਕ ਕੋਈ ਕੇਸ ਦਰਜ ਨਹੀਂ ਕੀਤਾ ਗਿਆ, ਜਿਸ ਕਾਰਨ ਇਲਾਕੇ ਦੇ ਲੋਕਾਂ ਵਿੱਚ ਭਾਰੀ ਰੋਸ ਪਾਇਆ ਜਾ ਰਿਹਾ ਹੈ। ਲੋਕਾਂ ਦਾ ਕਹਿਣਾ ਹੈ ਕਿ ਜੇਕਰ ਪੁਲਿਸ ਚੌਂਕੀ ਹੀ ਸੁਰੱਖਿਅਤ ਨਹੀਂ ਤਾਂ ਆਮ ਲੋਕਾਂ ਦੀ ਸੁਰੱਖਿਆ ਦਾ ਕੀ ਹਾਲ ਹੋਵੇਗਾ। ਉੱਚ ਅਧਿਕਾਰੀਆਂ ਨੇ ਜਾਂਚ ਦਾ ਭਰੋਸਾ ਦਿੱਤਾ ਹੈ।
ਚੰਡੀਗੜ੍ਹ, 20 ਦਸੰਬਰ (ਭਗਤ ਸਿੰਘ ਸੰਧੂ)। ਡਾਕਟਰ ਭੀਮ ਰਾਓ ਅੰਬੇਡਕਰ ਬਾਰੇ ਕੇਂਦਰੀ ਗ੍ਰਹਿ ਮੰਤਰੀ ਅਮਿਤ ਸ਼ਾਹ ਵੱਲੋਂ ਸੰਸਦ ਵਿੱਚ ਕੀਤੀ ਗਈ ਵਿਵਾਦਿਤ ਟਿੱਪਣੀ ਖ਼ਿਲਾਫ਼ ਆਮ ਆਦਮੀ ਪਾਰਟੀ ਵੱਲੋਂ ਪੰਜਾਬ ਭਰ ਵਿੱਚ ਜ਼ੋਰਦਾਰ ਪ੍ਰਦਰਸ਼ਨ ਕੀਤੇ ਗਏ। ਪ੍ਰਦਰਸ਼ਨਕਾਰੀਆਂ ਨੇ ਮੰਗ ਕੀਤੀ ਕਿ ਅਮਿਤ ਸ਼ਾਹ ਨੂੰ ਤੁਰੰਤ ਮੰਤਰੀ ਮੰਡਲ ਵਿੱਚੋਂ ਹਟਾਇਆ ਜਾਵੇ ਅਤੇ ਦੇਸ਼ ਦੇ ਦਲਿਤ ਭਾਈਚਾਰੇ ਤੋਂ ਮੁਆਫ਼ੀ ਮੰਗੀ ਜਾਵੇ।
ਸ਼ਹੀਦੀ ਸਭਾ ਦੌਰਾਨ ਸੰਗਤ ਦੀ ਸੁਰੱਖਿਆ ਤੇ ਸਹੂਲਤ ਲਈ ਕੀਤੇ ਜਾਣਗੇ ਪੁਖਤਾ ਇੰਤਜ਼ਾਮ : ਡੀ.ਆਈ.ਜੀ. ਭੁੱਲਰ
ਜੇਬ ਕਤਰਿਆਂ ਤੇ ਹੋਰ ਸ਼ਰਾਰਤੀ ਅਨਸਰਾਂ 'ਤੇ ਰੱਖੀ ਜਾਵੇਗੀ ਤਿੱਖੀ ਨਜ਼ਰ । ਪੁਲਿਸ ਸੰਗਤ ਦੀ ਸੇਵਾ ਲਈ ਹਮੇਸ਼ਾ ਹਰ ਸਮੇਂ ਤਤਪਰ
ਡੀ.ਆਈ.ਜੀ. ਰੇਂਜ ਰੂਪਨਗਰ ਸਿੱਧੂ ਭੁੱਲਰ ਤੇ ਐਸ.ਐਸ.ਪੀ ਡਾ. ਰਵਜੋਤ ਗਰੇਵਾਲ ਨੇ ਸ਼ਹੀਦੀ ਸਭਾ ਦੌਰਾਨ ਕੀਤੇ ਜਾਣ ਵਾਲੇ ਪ੍ਰਬੰਧਾਂ ਦਾ ਲਿਆ ਜਾਇਜ਼ਾ
ਫਤਿਹਗੜ੍ਹ ਸਾਹਿਬ, 20 ਦਸੰਬਰ (ਹਰਵਿੰਦਰ ਸਿੰਘ)। ਸ਼ਹੀਦੀ ਸਭਾ ਦੌਰਾਨ ਸੰਗਤਾਂ ਦੀ ਸੁਰੱਖਿਆ ਅਤੇ ਸਹੂਲਤ ਲਈ ਪੁਖਤਾ ਪ੍ਰਬੰਧ ਕੀਤੇ ਜਾਣਗੇ। ਡੀ.ਆਈ.ਜੀ ਰੂਪਨਗਰ ਰੇਂਜ ਨੇ ਦੱਸਿਆ ਕਿ ਸਾਰੇ ਸੰਵੇਦਨਸ਼ੀਲ ਥਾਵਾਂ 'ਤੇ ਸੀ.ਸੀ.ਟੀ.ਵੀ ਕੈਮਰੇ ਲਗਾਏ ਜਾਣਗੇ ਅਤੇ ਪੁਲਿਸ ਦੀ ਵਾਧੂ ਨਫਰੀ ਤਾਇਨਾਤ ਕੀਤੀ ਜਾਵੇਗੀ। ਇਸ ਤੋਂ ਇਲਾਵਾ ਪਾਰਕਿੰਗ, ਟ੍ਰੈਫਿਕ ਅਤੇ ਮੈਡੀਕਲ ਸਹਾਇਤਾ ਦੇ ਵਿਸ਼ੇਸ਼ ਪ੍ਰਬੰਧ ਕੀਤੇ ਜਾ ਰਹੇ ਹਨ।
ਪ੍ਰਬੰਧਾਂ ਦਾ ਜਾਇਜ਼ਾ ਲੈਂਦੇ ਹੋਏ ਪੁਲਿਸ ਅਧਿਕਾਰੀ।	ਸੁਰੱਖਿਆ ਪ੍ਰਬੰਧਾਂ ਦਾ ਨਕਸ਼ਾ ਦਿਖਾਉਂਦੇ ਹੋਏ ਅਧਿਕਾਰੀ।
ਫਤਿਹਗੜ੍ਹ ਸਾਹਿਬ, 20 ਦਸੰਬਰ (ਹਰਵਿੰਦਰ ਸਿੰਘ)। ਸ਼ਹੀਦੀ ਸਭਾ ਦੌਰਾਨ ਸੰਗਤਾਂ ਦੀ ਸੁਰੱਖਿਆ ਅਤੇ ਸਹੂਲਤ ਲਈ ਪੁਖਤਾ ਪ੍ਰਬੰਧ ਕੀਤੇ ਜਾਣਗੇ। ਡੀ.ਆਈ.ਜੀ ਰੂਪਨਗਰ ਰੇਂਜ ਨੇ ਦੱਸਿਆ ਕਿ ਸਾਰੇ ਸੰਵੇਦਨਸ਼ੀਲ ਥਾਵਾਂ 'ਤੇ ਸੀ.ਸੀ.ਟੀ.ਵੀ ਕੈਮਰੇ ਲਗਾਏ ਜਾਣਗੇ ਅਤੇ ਪੁਲਿਸ ਦੀ ਵਾਧੂ ਨਫਰੀ ਤਾਇਨਾਤ ਕੀਤੀ ਜਾਵੇਗੀ। ਇਸ ਤੋਂ ਇਲਾਵਾ ਪਾਰਕਿੰਗ, ਟ੍ਰੈਫਿਕ ਅਤੇ ਮੈਡੀਕਲ ਸਹਾਇਤਾ ਦੇ ਵਿਸ਼ੇਸ਼ ਪ੍ਰਬੰਧ ਕੀਤੇ ਜਾ ਰਹੇ ਹਨ।
ਜੋਕਪੁਰ ਪ੍ਰਸ਼ਾਸਨ ਨੇ ਵੀਆਈਪੀ ਰੋਡ ਤੇ ਕਰੀਬ ਅੱਧੀ ਦਰਜਨ ਨਾਜਾਇਜ਼ ਉਸਾਰੀਆਂ 'ਤੇ ਲਗਾਈ ਰੋਕਿਆ
ਬਿਜਲੀ ਵਿਭਾਗ ਨੇ ਅਜਿਹੀਆਂ ਇਮਾਰਤਾਂ ਨੂੰ ਨਵੇਂ ਬਿਜਲੀ ਕੁਨੈਕਸ਼ਨ ਦੇਣ ਤੋਂ ਰੋਕਿਆ
ਜੋਕਪੁਰ 20 ਦਸੰਬਰ (ਨਿੱਜੀ ਪੱਤਰ ਪ੍ਰੇਰਕ)। ਜ਼ਿਲ੍ਹਾ ਪ੍ਰਸ਼ਾਸਨ ਨੇ ਵੀਆਈਪੀ ਰੋਡ ਉੱਤੇ ਬਿਨਾਂ ਮਨਜ਼ੂਰੀ ਉਸਾਰੀਆਂ ਜਾ ਰਹੀਆਂ ਕਰੀਬ ਅੱਧੀ ਦਰਜਨ ਇਮਾਰਤਾਂ ਦੀ ਉਸਾਰੀ ਰੁਕਵਾ ਦਿੱਤੀ ਹੈ ਅਤੇ ਮਾਲਕਾਂ ਨੂੰ ਨੋਟਿਸ ਜਾਰੀ ਕੀਤੇ ਹਨ। ਅਧਿਕਾਰੀਆਂ ਨੇ ਸਪੱਸ਼ਟ ਕੀਤਾ ਕਿ ਨਿਯਮਾਂ ਦੀ ਉਲੰਘਣਾ ਕਰਨ ਵਾਲਿਆਂ ਖਿਲਾਫ ਸਖਤ ਕਾਰਵਾਈ ਕੀਤੀ ਜਾਵੇਗੀ।
ਨਾਜਾਇਜ਼ ਉਸਾਰੀ ਅਧੀਨ ਇਮਾਰਤ ਅਤੇ ਚਿਪਕਾਇਆ ਗਿਆ ਨੋਟਿਸ।
ਜੋਕਪੁਰ 20 ਦਸੰਬਰ (ਨਿੱਜੀ ਪੱਤਰ ਪ੍ਰੇਰਕ)। ਜ਼ਿਲ੍ਹਾ ਪ੍ਰਸ਼ਾਸਨ ਨੇ ਵੀਆਈਪੀ ਰੋਡ ਉੱਤੇ ਬਿਨਾਂ ਮਨਜ਼ੂਰੀ ਉਸਾਰੀਆਂ ਜਾ ਰਹੀਆਂ ਕਰੀਬ ਅੱਧੀ ਦਰਜਨ ਇਮਾਰਤਾਂ ਦੀ ਉਸਾਰੀ ਰੁਕਵਾ ਦਿੱਤੀ ਹੈ ਅਤੇ ਮਾਲਕਾਂ ਨੂੰ ਨੋਟਿਸ ਜਾਰੀ ਕੀਤੇ ਹਨ। ਅਧਿਕਾਰੀਆਂ ਨੇ ਸਪੱਸ਼ਟ ਕੀਤਾ ਕਿ ਨਿਯਮਾਂ ਦੀ ਉਲੰਘਣਾ ਕਰਨ ਵਾਲਿਆਂ ਖਿਲਾਫ ਸਖਤ ਕਾਰਵਾਈ ਕੀਤੀ ਜਾਵੇਗੀ।
